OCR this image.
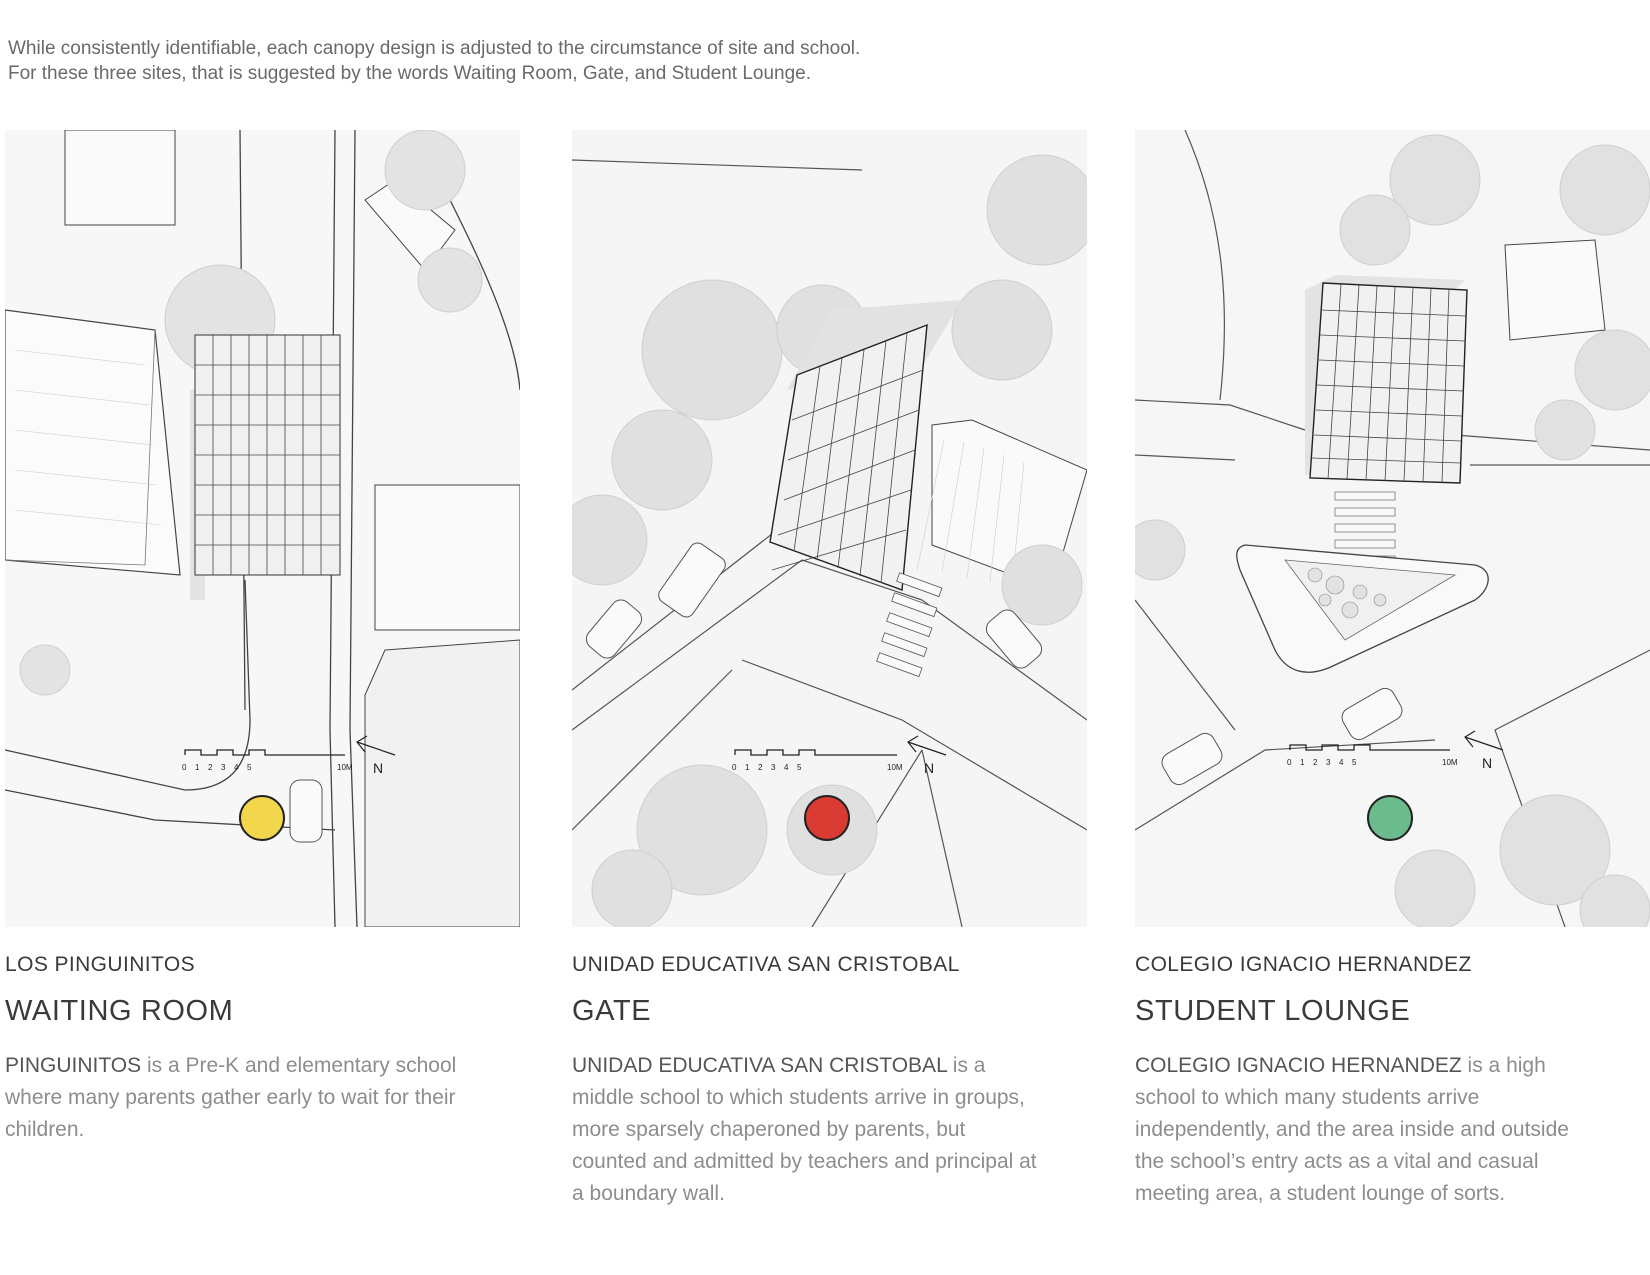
While consistently identifiable, each canopy design is adjusted to the circumstance of site and school.

For these three sites, that is suggested by the words Waiting Room, Gate, and Student Lounge.

0 1 2 3 4 5	10M N
LOS PINGUINITOS
WAITING ROOM
PINGUINITOS is a Pre-K and elementary school where many parents gather early to wait for their children.
0 1 2 3 4 5	10M N
UNIDAD EDUCATIVA SAN CRISTOBAL
GATE
UNIDAD EDUCATIVA SAN CRISTOBAL is a middle school to which students arrive in groups, more sparsely chaperoned by parents, but counted and admitted by teachers and principal at a boundary wall.
0 1 2 3 4 5	10M N
COLEGIO IGNACIO HERNANDEZ
STUDENT LOUNGE
COLEGIO IGNACIO HERNANDEZ is a high school to which many students arrive independently, and the area inside and outside the school’s entry acts as a vital and casual meeting area, a student lounge of sorts.
